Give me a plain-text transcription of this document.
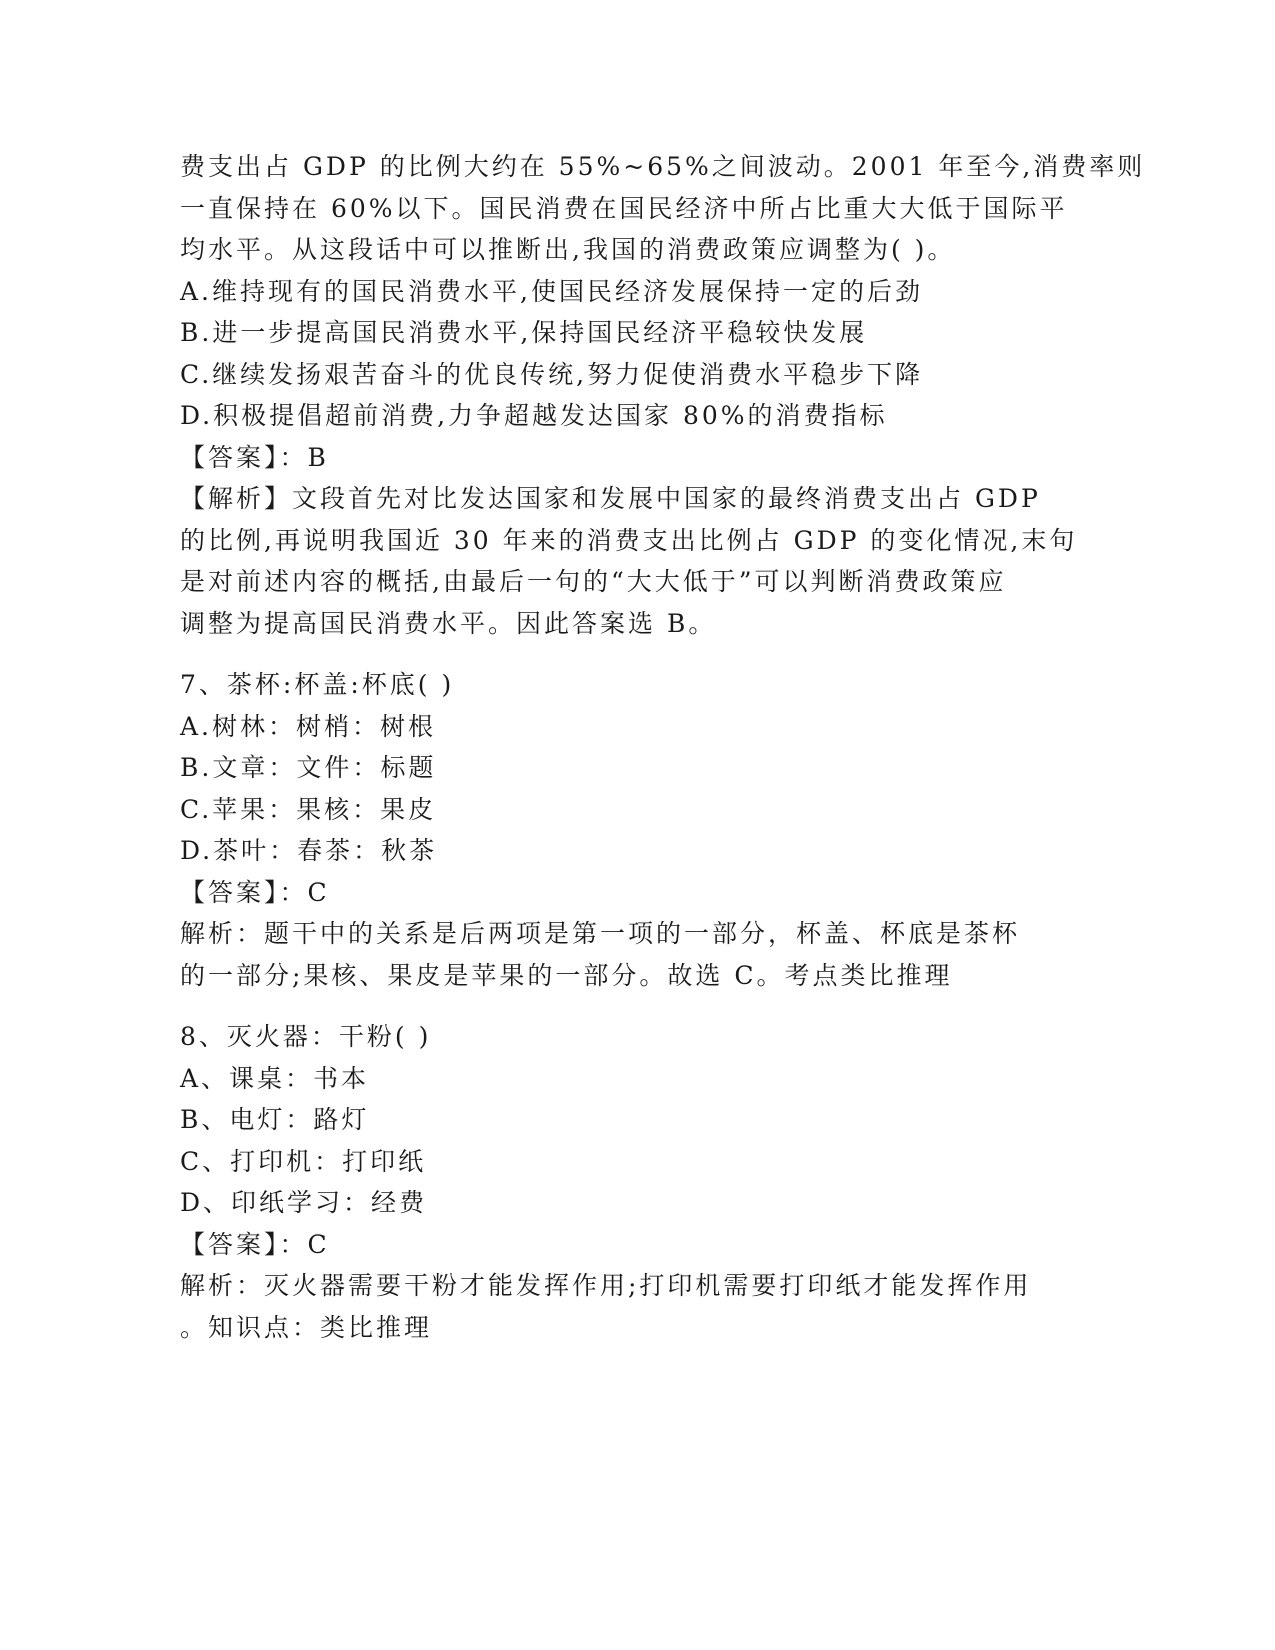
费支出占 GDP 的比例大约在 55%~65%之间波动。2001 年至今,消费率则
一直保持在 60%以下。国民消费在国民经济中所占比重大大低于国际平
均水平。从这段话中可以推断出,我国的消费政策应调整为( )。
A.维持现有的国民消费水平,使国民经济发展保持一定的后劲
B.进一步提高国民消费水平,保持国民经济平稳较快发展
C.继续发扬艰苦奋斗的优良传统,努力促使消费水平稳步下降
D.积极提倡超前消费,力争超越发达国家 80%的消费指标
【答案】：B
【解析】文段首先对比发达国家和发展中国家的最终消费支出占 GDP
的比例,再说明我国近 30 年来的消费支出比例占 GDP 的变化情况,末句
是对前述内容的概括,由最后一句的“大大低于”可以判断消费政策应
调整为提高国民消费水平。因此答案选 B。
7、茶杯:杯盖:杯底( )
A.树林：树梢：树根
B.文章：文件：标题
C.苹果：果核：果皮
D.茶叶：春茶：秋茶
【答案】：C
解析：题干中的关系是后两项是第一项的一部分，杯盖、杯底是茶杯
的一部分;果核、果皮是苹果的一部分。故选 C。考点类比推理
8、灭火器：干粉( )
A、课桌：书本
B、电灯：路灯
C、打印机：打印纸
D、印纸学习：经费
【答案】：C
解析：灭火器需要干粉才能发挥作用;打印机需要打印纸才能发挥作用
。知识点：类比推理
